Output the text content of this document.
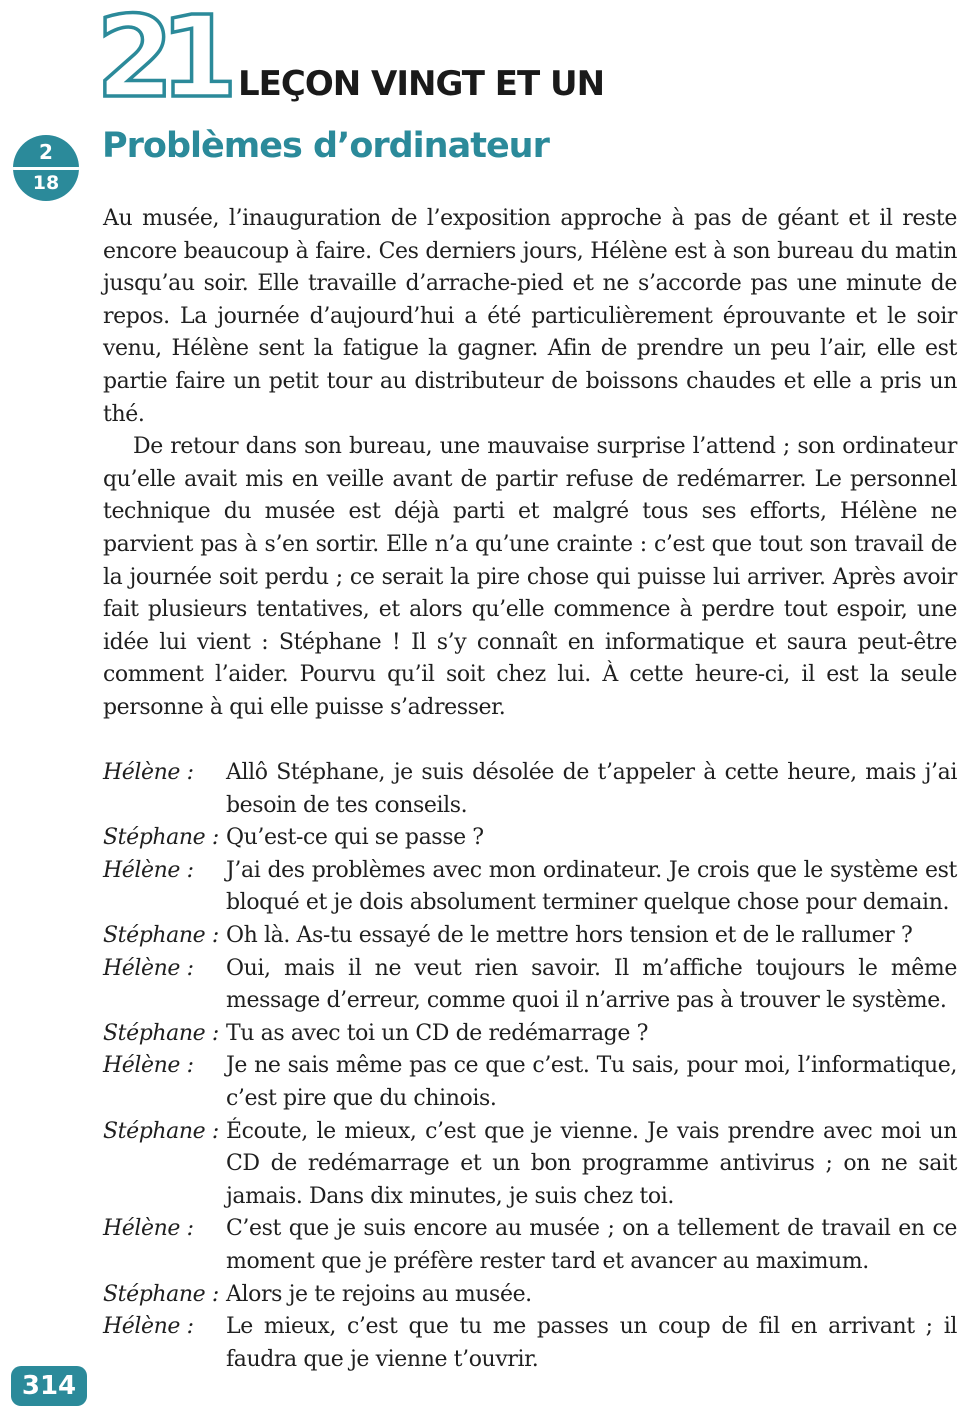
21 LEÇON VINGT ET UN
2
18
Problèmes d’ordinateur

Au musée, l’inauguration de l’exposition approche à pas de géant et il reste encore beaucoup à faire. Ces derniers jours, Hélène est à son bureau du matin jusqu’au soir. Elle travaille d’arrache-pied et ne s’accorde pas une minute de repos. La journée d’aujourd’hui a été particulièrement éprouvante et le soir venu, Hélène sent la fatigue la gagner. Afin de prendre un peu l’air, elle est partie faire un petit tour au distributeur de boissons chaudes et elle a pris un thé.

De retour dans son bureau, une mauvaise surprise l’attend ; son ordinateur qu’elle avait mis en veille avant de partir refuse de redémarrer. Le personnel technique du musée est déjà parti et malgré tous ses efforts, Hélène ne parvient pas à s’en sortir. Elle n’a qu’une crainte : c’est que tout son travail de la journée soit perdu ; ce serait la pire chose qui puisse lui arriver. Après avoir fait plusieurs tentatives, et alors qu’elle commence à perdre tout espoir, une idée lui vient : Stéphane ! Il s’y connaît en informatique et saura peut-être comment l’aider. Pourvu qu’il soit chez lui. À cette heure-ci, il est la seule personne à qui elle puisse s’adresser.

Hélène :	Allô Stéphane, je suis désolée de t’appeler à cette heure, mais j’ai besoin de tes conseils.
Stéphane : Qu’est-ce qui se passe ?
Hélène :	J’ai des problèmes avec mon ordinateur. Je crois que le système est bloqué et je dois absolument terminer quelque chose pour demain.
Stéphane : Oh là. As-tu essayé de le mettre hors tension et de le rallumer ?
Hélène :	Oui, mais il ne veut rien savoir. Il m’affiche toujours le même message d’erreur, comme quoi il n’arrive pas à trouver le système.
Stéphane : Tu as avec toi un CD de redémarrage ?
Hélène :	Je ne sais même pas ce que c’est. Tu sais, pour moi, l’informatique, c’est pire que du chinois.
Stéphane : Écoute, le mieux, c’est que je vienne. Je vais prendre avec moi un CD de redémarrage et un bon programme antivirus ; on ne sait jamais. Dans dix minutes, je suis chez toi.
Hélène :	C’est que je suis encore au musée ; on a tellement de travail en ce moment que je préfère rester tard et avancer au maximum.
Stéphane : Alors je te rejoins au musée.
Hélène :	Le mieux, c’est que tu me passes un coup de fil en arrivant ; il faudra que je vienne t’ouvrir.
314
